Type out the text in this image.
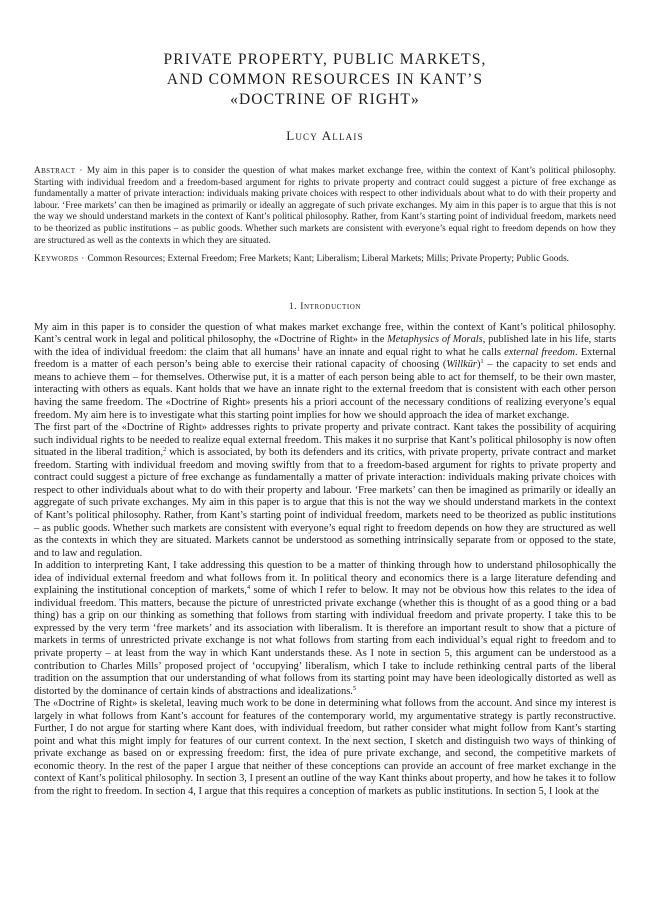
PRIVATE PROPERTY, PUBLIC MARKETS,
AND COMMON RESOURCES IN KANT’S
«DOCTRINE OF RIGHT»
Lucy Allais

Abstract · My aim in this paper is to consider the question of what makes market exchange free, within the context of Kant’s political philosophy. Starting with individual freedom and a freedom-based argument for rights to private property and contract could suggest a picture of free exchange as fundamentally a matter of private interaction: individuals making private choices with respect to other individuals about what to do with their property and labour. ‘Free markets’ can then be imagined as primarily or ideally an aggregate of such private exchanges. My aim in this paper is to argue that this is not the way we should understand markets in the context of Kant’s political philosophy. Rather, from Kant’s starting point of individual freedom, markets need to be theorized as public institutions – as public goods. Whether such markets are consistent with everyone’s equal right to freedom depends on how they are structured as well as the contexts in which they are situated.

Keywords · Common Resources; External Freedom; Free Markets; Kant; Liberalism; Liberal Markets; Mills; Private Property; Public Goods.

1. Introduction

My aim in this paper is to consider the question of what makes market exchange free, within the context of Kant’s political philosophy. Kant’s central work in legal and political philosophy, the «Doctrine of Right» in the Metaphysics of Morals, published late in his life, starts with the idea of individual freedom: the claim that all humans$^1$ have an innate and equal right to what he calls external freedom. External freedom is a matter of each person’s being able to exercise their rational capacity of choosing (Willkür)$^1$ – the capacity to set ends and means to achieve them – for themselves. Otherwise put, it is a matter of each person being able to act for themself, to be their own master, interacting with others as equals. Kant holds that we have an innate right to the external freedom that is consistent with each other person having the same freedom. The «Doctrine of Right» presents his a priori account of the necessary conditions of realizing everyone’s equal freedom. My aim here is to investigate what this starting point implies for how we should approach the idea of market exchange.

The first part of the «Doctrine of Right» addresses rights to private property and private contract. Kant takes the possibility of acquiring such individual rights to be needed to realize equal external freedom. This makes it no surprise that Kant’s political philosophy is now often situated in the liberal tradition,$^2$ which is associated, by both its defenders and its critics, with private property, private contract and market freedom. Starting with individual freedom and moving swiftly from that to a freedom-based argument for rights to private property and contract could suggest a picture of free exchange as fundamentally a matter of private interaction: individuals making private choices with respect to other individuals about what to do with their property and labour. ‘Free markets’ can then be imagined as primarily or ideally an aggregate of such private exchanges. My aim in this paper is to argue that this is not the way we should understand markets in the context of Kant’s political philosophy. Rather, from Kant’s starting point of individual freedom, markets need to be theorized as public institutions – as public goods. Whether such markets are consistent with everyone’s equal right to freedom depends on how they are structured as well as the contexts in which they are situated. Markets cannot be understood as something intrinsically separate from or opposed to the state, and to law and regulation.

In addition to interpreting Kant, I take addressing this question to be a matter of thinking through how to understand philosophically the idea of individual external freedom and what follows from it. In political theory and economics there is a large literature defending and explaining the institutional conception of markets,$^4$ some of which I refer to below. It may not be obvious how this relates to the idea of individual freedom. This matters, because the picture of unrestricted private exchange (whether this is thought of as a good thing or a bad thing) has a grip on our thinking as something that follows from starting with individual freedom and private property. I take this to be expressed by the very term ‘free markets’ and its association with liberalism. It is therefore an important result to show that a picture of markets in terms of unrestricted private exchange is not what follows from starting from each individual’s equal right to freedom and to private property – at least from the way in which Kant understands these. As I note in section 5, this argument can be understood as a contribution to Charles Mills’ proposed project of ‘occupying’ liberalism, which I take to include rethinking central parts of the liberal tradition on the assumption that our understanding of what follows from its starting point may have been ideologically distorted as well as distorted by the dominance of certain kinds of abstractions and idealizations.$^5$

The «Doctrine of Right» is skeletal, leaving much work to be done in determining what follows from the account. And since my interest is largely in what follows from Kant’s account for features of the contemporary world, my argumentative strategy is partly reconstructive. Further, I do not argue for starting where Kant does, with individual freedom, but rather consider what might follow from Kant’s starting point and what this might imply for features of our current context. In the next section, I sketch and distinguish two ways of thinking of private exchange as based on or expressing freedom: first, the idea of pure private exchange, and second, the competitive markets of economic theory. In the rest of the paper I argue that neither of these conceptions can provide an account of free market exchange in the context of Kant’s political philosophy. In section 3, I present an outline of the way Kant thinks about property, and how he takes it to follow from the right to freedom. In section 4, I argue that this requires a conception of markets as public institutions. In section 5, I look at the
